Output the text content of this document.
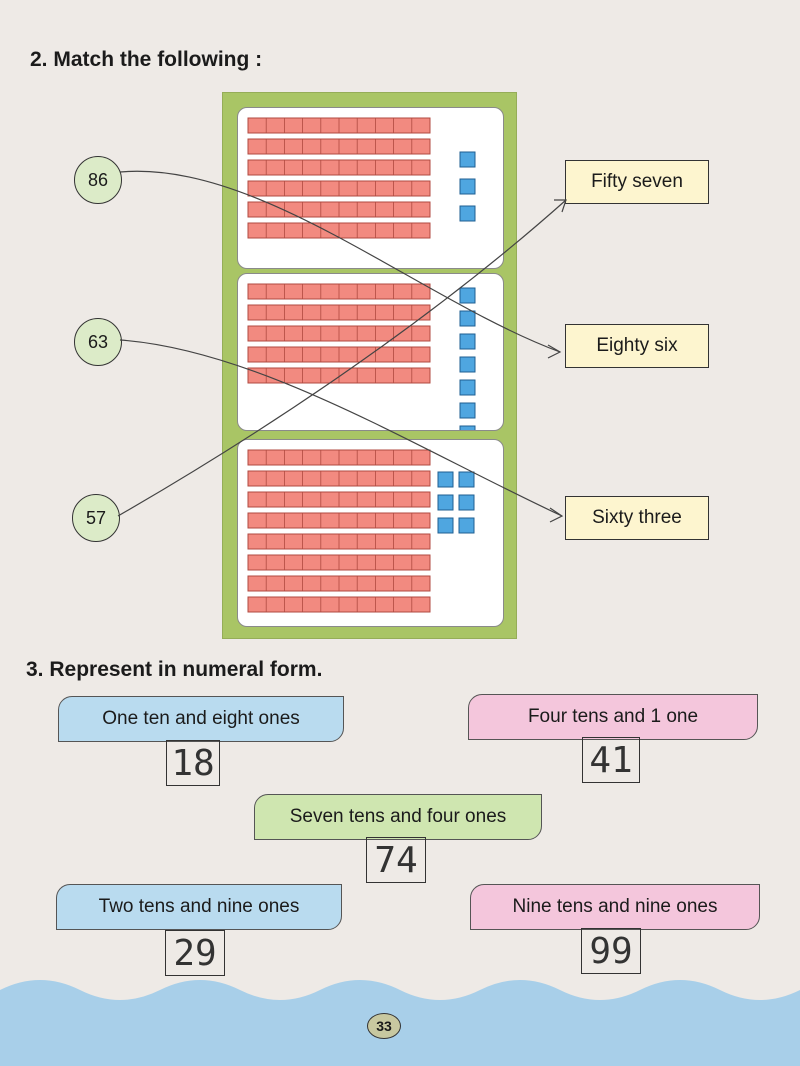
2. Match the following :
86
63
57
Fifty seven
Eighty six
Sixty three
3. Represent in numeral form.
One ten and eight ones
18
Four tens and 1 one
41
Seven tens and four ones
74
Two tens and nine ones
29
Nine tens and nine ones
99
33
